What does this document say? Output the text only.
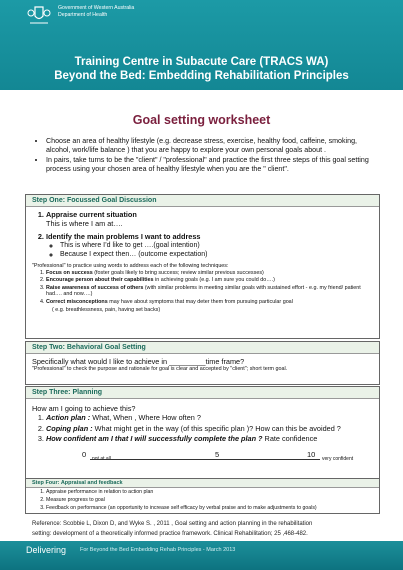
Government of Western Australia
Department of Health
Training Centre in Subacute Care (TRACS WA)
Beyond the Bed: Embedding Rehabilitation Principles
Goal setting worksheet
• Choose an area of healthy lifestyle (e.g. decrease stress, exercise, healthy food, caffeine, smoking, alcohol, work/life balance ) that you are happy to explore your own personal goals about .
• In pairs, take turns to be the "client" / "professional" and practice the first three steps of this goal setting process using your chosen area of healthy lifestyle when you are the " client".
Step One: Focussed Goal Discussion
1. Appraise current situation
This is where I am at….
2. Identify the main problems I want to address
◦ This is where I’d like to get ….(goal intention)
◦ Because I expect then… (outcome expectation)
"Professional" to practice using words to address each of the following techniques:
1. Focus on success (foster goals likely to bring success; review similar previous successes)
2. Encourage person about their capabilities in achieving goals (e.g. I am sure you could do….)
3. Raise awareness of success of others (with similar problems in meeting similar goals with sustained effort - e.g. my friend/ patient had…. and now….)
4. Correct misconceptions may have about symptoms that may deter them from pursuing particular goal
( e.g. breathlessness, pain, having set backs)
Step Two: Behavioral Goal Setting
Specifically what would I like to achieve in _________time frame?
"Professional" to check the purpose and rationale for goal is clear and accepted by "client"; short term goal.
Step Three: Planning
How am I going to achieve this?
1. Action plan : What, When , Where How often ?
2. Coping plan : What might get in the way (of this specific plan )? How can this be avoided ?
3. How confident am I that I will successfully complete the plan ? Rate confidence
0 not at all	5	10 very confident
Step Four: Appraisal and feedback
1. Appraise performance in relation to action plan
2. Measure progress to goal
3. Feedback on performance (an opportunity to increase self efficacy by verbal praise and to make adjustments to goals)
Reference: Scobbie L, Dixon D, and Wyke S. , 2011 , Goal setting and action planning in the rehabilitation
setting: development of a theoretically informed practice framework. Clinical Rehabilitation; 25 ,468-482.
Delivering	For Beyond the Bed Embedding Rehab Principles - March 2013
